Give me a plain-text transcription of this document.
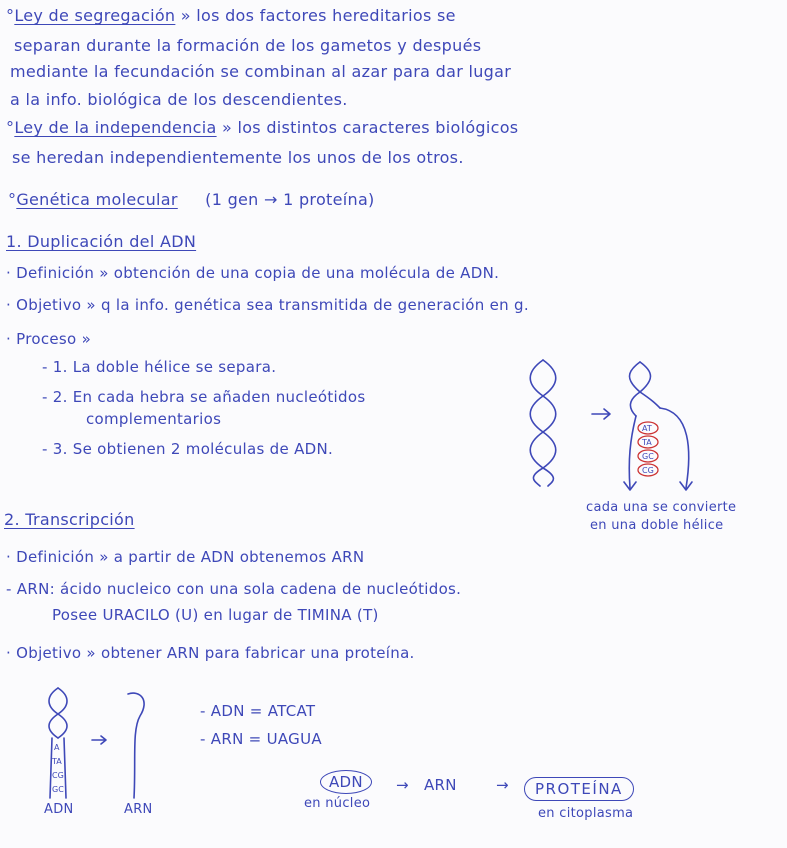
°Ley de segregación » los dos factores hereditarios se
separan durante la formación de los gametos y después
mediante la fecundación se combinan al azar para dar lugar
a la info. biológica de los descendientes.
°Ley de la independencia » los distintos caracteres biológicos
se heredan independientemente los unos de los otros.
°Genética molecular (1 gen → 1 proteína)
1. Duplicación del ADN
· Definición » obtención de una copia de una molécula de ADN.
· Objetivo » q la info. genética sea transmitida de generación en g.
· Proceso »
- 1. La doble hélice se separa.
- 2. En cada hebra se añaden nucleótidos
complementarios
- 3. Se obtienen 2 moléculas de ADN.
cada una se convierte
en una doble hélice
2. Transcripción
· Definición » a partir de ADN obtenemos ARN
- ARN: ácido nucleico con una sola cadena de nucleótidos.
Posee URACILO (U) en lugar de TIMINA (T)
· Objetivo » obtener ARN para fabricar una proteína.
- ADN = ATCAT
- ARN = UAGUA
ADN	ARN
ADN
en núcleo
→ ARN	→	PROTEÍNA
en citoplasma
AT
TA
GC
CG
A
TA
CG
GC
